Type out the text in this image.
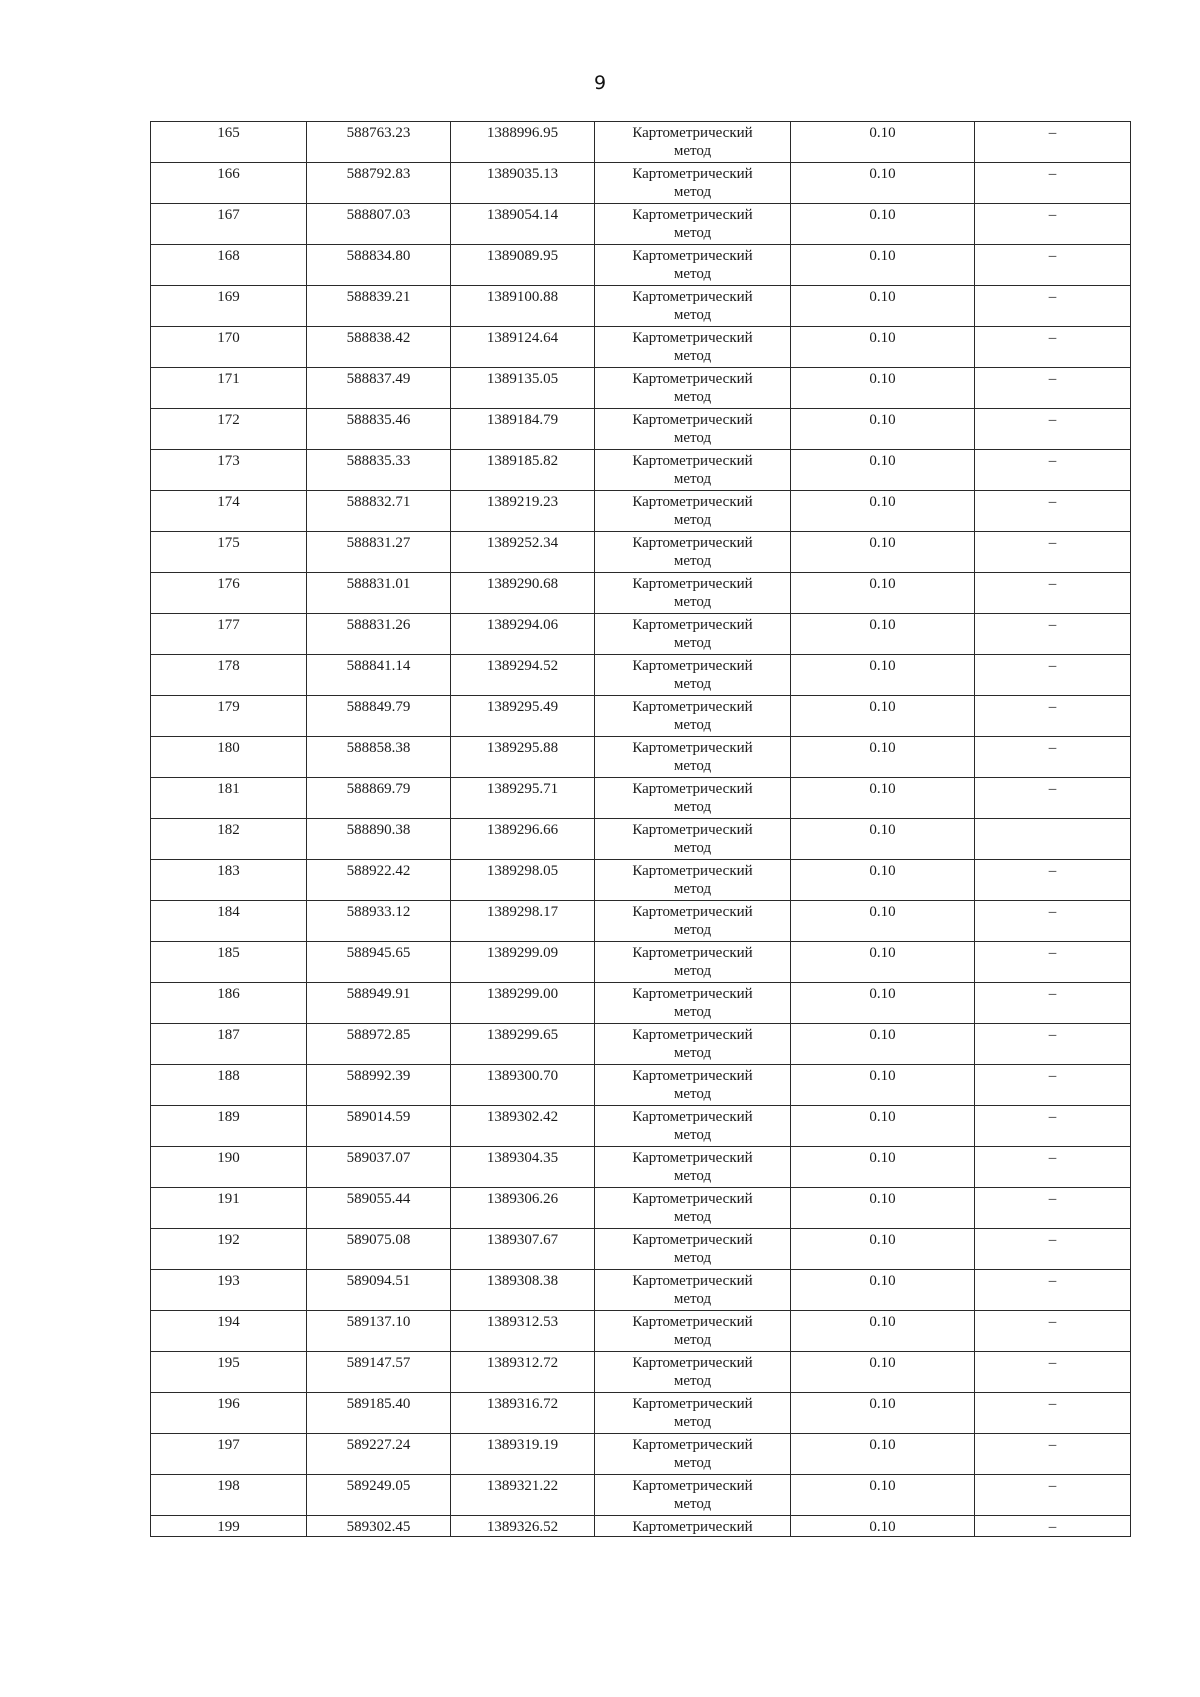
9
165	588763.23	1388996.95	Картометрический
метод	0.10	–
166	588792.83	1389035.13	Картометрический
метод	0.10	–
167	588807.03	1389054.14	Картометрический
метод	0.10	–
168	588834.80	1389089.95	Картометрический
метод	0.10	–
169	588839.21	1389100.88	Картометрический
метод	0.10	–
170	588838.42	1389124.64	Картометрический
метод	0.10	–
171	588837.49	1389135.05	Картометрический
метод	0.10	–
172	588835.46	1389184.79	Картометрический
метод	0.10	–
173	588835.33	1389185.82	Картометрический
метод	0.10	–
174	588832.71	1389219.23	Картометрический
метод	0.10	–
175	588831.27	1389252.34	Картометрический
метод	0.10	–
176	588831.01	1389290.68	Картометрический
метод	0.10	–
177	588831.26	1389294.06	Картометрический
метод	0.10	–
178	588841.14	1389294.52	Картометрический
метод	0.10	–
179	588849.79	1389295.49	Картометрический
метод	0.10	–
180	588858.38	1389295.88	Картометрический
метод	0.10	–
181	588869.79	1389295.71	Картометрический
метод	0.10	–
182	588890.38	1389296.66	Картометрический
метод	0.10	
183	588922.42	1389298.05	Картометрический
метод	0.10	–
184	588933.12	1389298.17	Картометрический
метод	0.10	–
185	588945.65	1389299.09	Картометрический
метод	0.10	–
186	588949.91	1389299.00	Картометрический
метод	0.10	–
187	588972.85	1389299.65	Картометрический
метод	0.10	–
188	588992.39	1389300.70	Картометрический
метод	0.10	–
189	589014.59	1389302.42	Картометрический
метод	0.10	–
190	589037.07	1389304.35	Картометрический
метод	0.10	–
191	589055.44	1389306.26	Картометрический
метод	0.10	–
192	589075.08	1389307.67	Картометрический
метод	0.10	–
193	589094.51	1389308.38	Картометрический
метод	0.10	–
194	589137.10	1389312.53	Картометрический
метод	0.10	–
195	589147.57	1389312.72	Картометрический
метод	0.10	–
196	589185.40	1389316.72	Картометрический
метод	0.10	–
197	589227.24	1389319.19	Картометрический
метод	0.10	–
198	589249.05	1389321.22	Картометрический
метод	0.10	–
199	589302.45	1389326.52	Картометрический	0.10	–
